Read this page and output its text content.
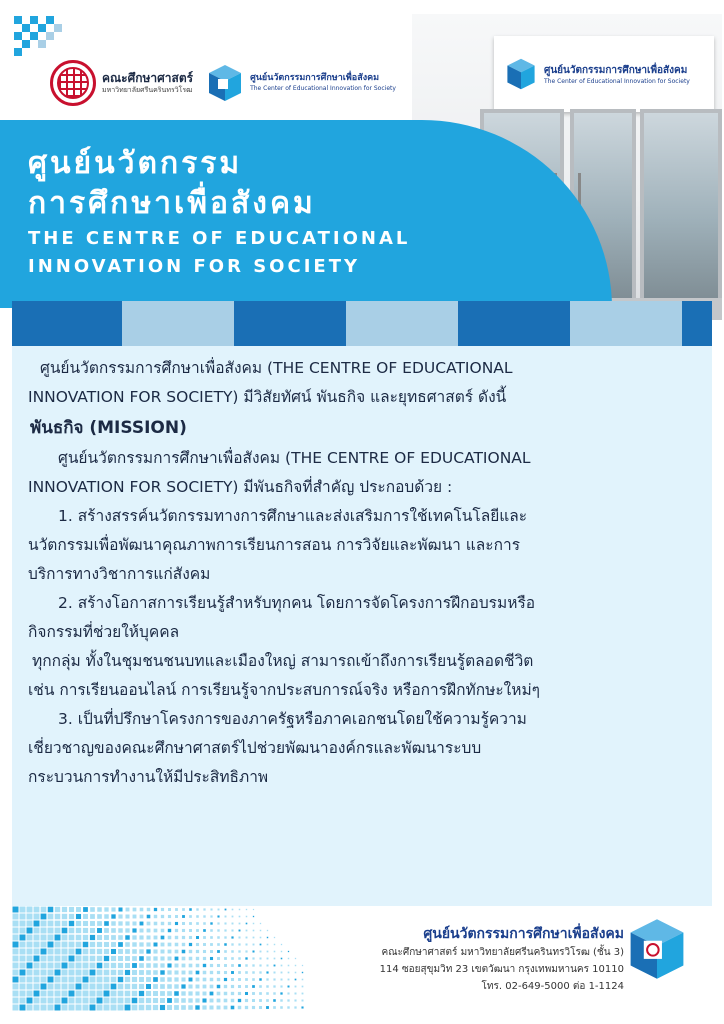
คณะศึกษาศาสตร์
มหาวิทยาลัยศรีนครินทรวิโรฒ
ศูนย์นวัตกรรมการศึกษาเพื่อสังคม
The Center of Educational Innovation for Society
ศูนย์นวัตกรรมการศึกษาเพื่อสังคม
The Center of Educational Innovation for Society
ศูนย์นวัตกรรม
การศึกษาเพื่อสังคม
THE CENTRE OF EDUCATIONAL
INNOVATION FOR SOCIETY

ศูนย์นวัตกรรมการศึกษาเพื่อสังคม (THE CENTRE OF EDUCATIONAL

INNOVATION FOR SOCIETY) มีวิสัยทัศน์ พันธกิจ และยุทธศาสตร์ ดังนี้

พันธกิจ (MISSION)

ศูนย์นวัตกรรมการศึกษาเพื่อสังคม (THE CENTRE OF EDUCATIONAL

INNOVATION FOR SOCIETY) มีพันธกิจที่สำคัญ ประกอบด้วย :

1. สร้างสรรค์นวัตกรรมทางการศึกษาและส่งเสริมการใช้เทคโนโลยีและ

นวัตกรรมเพื่อพัฒนาคุณภาพการเรียนการสอน การวิจัยและพัฒนา และการ

บริการทางวิชาการแก่สังคม

2. สร้างโอกาสการเรียนรู้สำหรับทุกคน โดยการจัดโครงการฝึกอบรมหรือ

กิจกรรมที่ช่วยให้บุคคล

ทุกกลุ่ม ทั้งในชุมชนชนบทและเมืองใหญ่ สามารถเข้าถึงการเรียนรู้ตลอดชีวิต

เช่น การเรียนออนไลน์ การเรียนรู้จากประสบการณ์จริง หรือการฝึกทักษะใหม่ๆ

3. เป็นที่ปรึกษาโครงการของภาครัฐหรือภาคเอกชนโดยใช้ความรู้ความ

เชี่ยวชาญของคณะศึกษาศาสตร์ไปช่วยพัฒนาองค์กรและพัฒนาระบบ

กระบวนการทำงานให้มีประสิทธิภาพ

ศูนย์นวัตกรรมการศึกษาเพื่อสังคม
คณะศึกษาศาสตร์ มหาวิทยาลัยศรีนครินทรวิโรฒ (ชั้น 3)
114 ซอยสุขุมวิท 23 เขตวัฒนา กรุงเทพมหานคร 10110
โทร. 02-649-5000 ต่อ 1-1124
